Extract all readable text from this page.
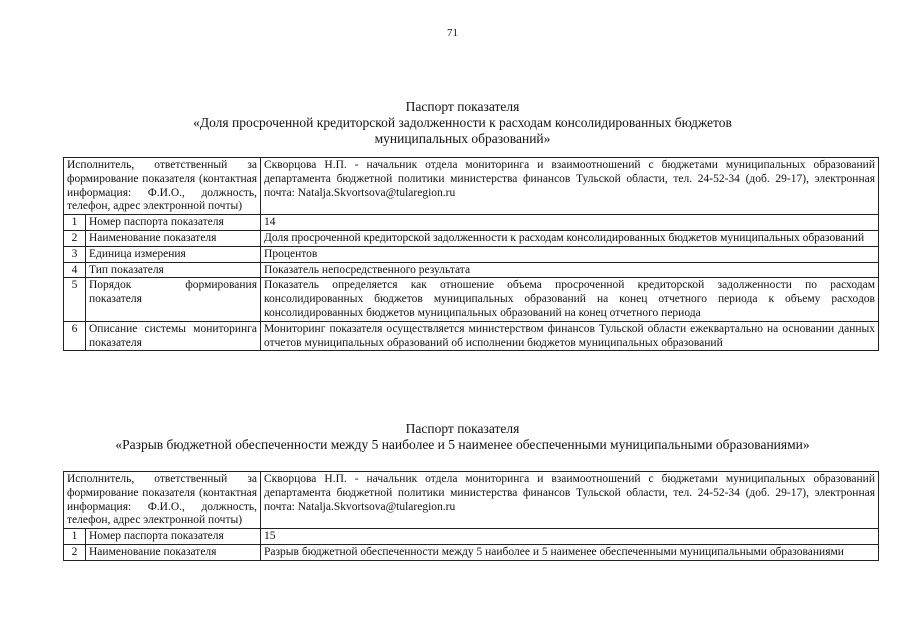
71
Паспорт показателя
«Доля просроченной кредиторской задолженности к расходам консолидированных бюджетов
муниципальных образований»
Исполнитель, ответственный за формирование показателя (контактная информация: Ф.И.О., должность, телефон, адрес электронной почты)		Скворцова Н.П. - начальник отдела мониторинга и взаимоотношений с бюджетами муниципальных образований департамента бюджетной политики министерства финансов Тульской области, тел. 24-52-34 (доб. 29-17), электронная почта: Natalja.Skvortsova@tularegion.ru
1	Номер паспорта показателя	14
2	Наименование показателя	Доля просроченной кредиторской задолженности к расходам консолидированных бюджетов муниципальных образований
3	Единица измерения	Процентов
4	Тип показателя	Показатель непосредственного результата
5	Порядок формирования показателя	Показатель определяется как отношение объема просроченной кредиторской задолженности по расходам консолидированных бюджетов муниципальных образований на конец отчетного периода к объему расходов консолидированных бюджетов муниципальных образований на конец отчетного периода
6	Описание системы мониторинга показателя	Мониторинг показателя осуществляется министерством финансов Тульской области ежеквартально на основании данных отчетов муниципальных образований об исполнении бюджетов муниципальных образований
Паспорт показателя
«Разрыв бюджетной обеспеченности между 5 наиболее и 5 наименее обеспеченными муниципальными образованиями»
Исполнитель, ответственный за формирование показателя (контактная информация: Ф.И.О., должность, телефон, адрес электронной почты)		Скворцова Н.П. - начальник отдела мониторинга и взаимоотношений с бюджетами муниципальных образований департамента бюджетной политики министерства финансов Тульской области, тел. 24-52-34 (доб. 29-17), электронная почта: Natalja.Skvortsova@tularegion.ru
1	Номер паспорта показателя	15
2	Наименование показателя	Разрыв бюджетной обеспеченности между 5 наиболее и 5 наименее обеспеченными муниципальными образованиями
